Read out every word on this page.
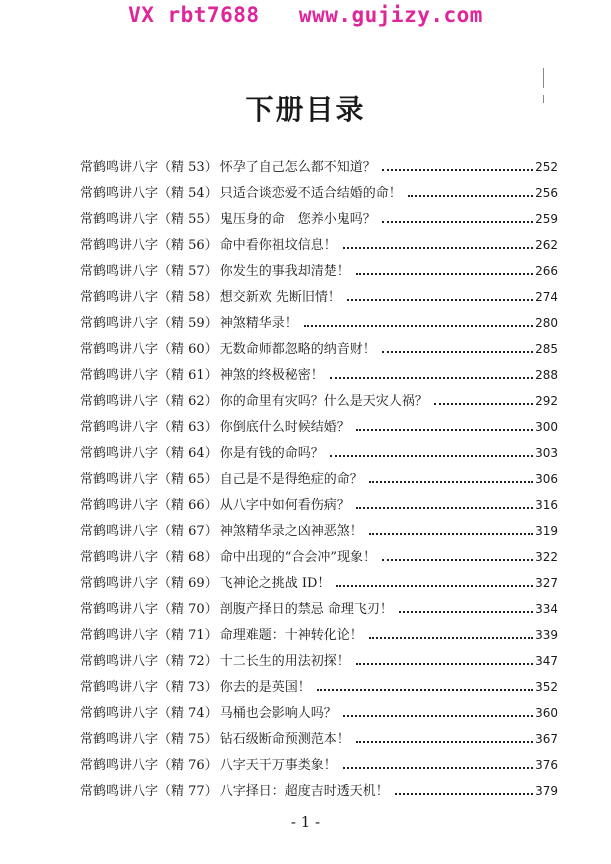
VX rbt7688   www.gujizy.com
下册目录
常鹤鸣讲八字 （精 53） 怀孕了自己怎么都不知道？	252
常鹤鸣讲八字 （精 54） 只适合谈恋爱不适合结婚的命！	256
常鹤鸣讲八字 （精 55） 鬼压身的命　您养小鬼吗？	259
常鹤鸣讲八字 （精 56） 命中看你祖坟信息！	262
常鹤鸣讲八字 （精 57） 你发生的事我却清楚！	266
常鹤鸣讲八字 （精 58） 想交新欢 先断旧情！	274
常鹤鸣讲八字 （精 59） 神煞精华录！	280
常鹤鸣讲八字 （精 60） 无数命师都忽略的纳音财！	285
常鹤鸣讲八字 （精 61） 神煞的终极秘密！	288
常鹤鸣讲八字 （精 62） 你的命里有灾吗？什么是天灾人祸？	292
常鹤鸣讲八字 （精 63） 你倒底什么时候结婚？	300
常鹤鸣讲八字 （精 64） 你是有钱的命吗？	303
常鹤鸣讲八字 （精 65） 自己是不是得绝症的命？	306
常鹤鸣讲八字 （精 66） 从八字中如何看伤病？	316
常鹤鸣讲八字 （精 67） 神煞精华录之凶神恶煞！	319
常鹤鸣讲八字 （精 68） 命中出现的“合会冲”现象！	322
常鹤鸣讲八字 （精 69） 飞神论之挑战 ID！	327
常鹤鸣讲八字 （精 70） 剖腹产择日的禁忌 命理飞刃！	334
常鹤鸣讲八字 （精 71） 命理难题：十神转化论！	339
常鹤鸣讲八字 （精 72） 十二长生的用法初探！	347
常鹤鸣讲八字 （精 73） 你去的是英国！	352
常鹤鸣讲八字 （精 74） 马桶也会影响人吗？	360
常鹤鸣讲八字 （精 75） 钻石级断命预测范本！	367
常鹤鸣讲八字 （精 76） 八字天干万事类象！	376
常鹤鸣讲八字 （精 77） 八字择日：超度吉时透天机！	379
- 1 -
